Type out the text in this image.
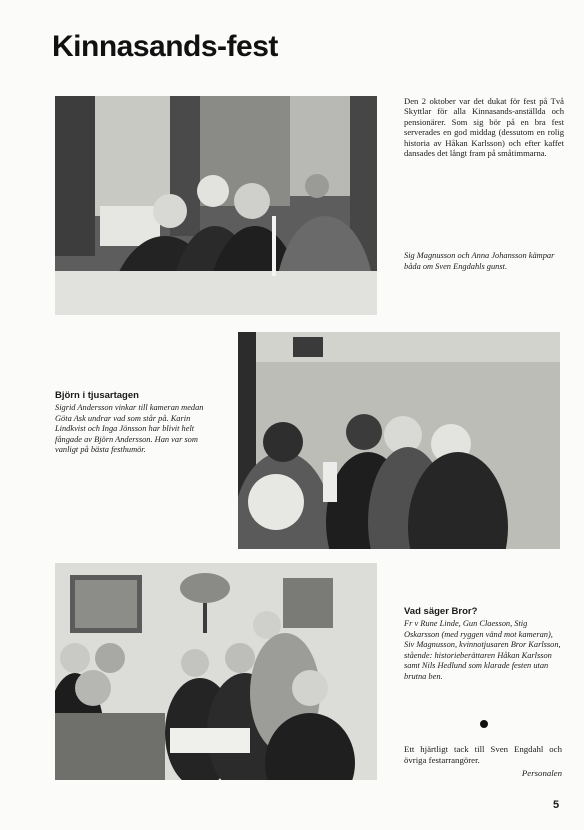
Kinnasands-fest
Den 2 oktober var det dukat för fest på Två Skyttlar för alla Kinnasands-anställda och pensionärer. Som sig bör på en bra fest serverades en god middag (dessutom en rolig historia av Håkan Karlsson) och efter kaffet dansades det långt fram på småtimmarna.
Sig Magnusson och Anna Johansson kämpar båda om Sven Engdahls gunst.
Björn i tjusartagen
Sigrid Andersson vinkar till kameran medan Göta Ask undrar vad som står på. Karin Lindkvist och Inga Jönsson har blivit helt fångade av Björn Andersson. Han var som vanligt på bästa festhumör.
Vad säger Bror?
Fr v Rune Linde, Gun Claesson, Stig Oskarsson (med ryggen vänd mot kameran), Siv Magnusson, kvinnotjusaren Bror Karlsson, stående: historieberättaren Håkan Karlsson samt Nils Hedlund som klarade festen utan brutna ben.
Ett hjärtligt tack till Sven Engdahl och övriga festarrangörer.
Personalen
5
